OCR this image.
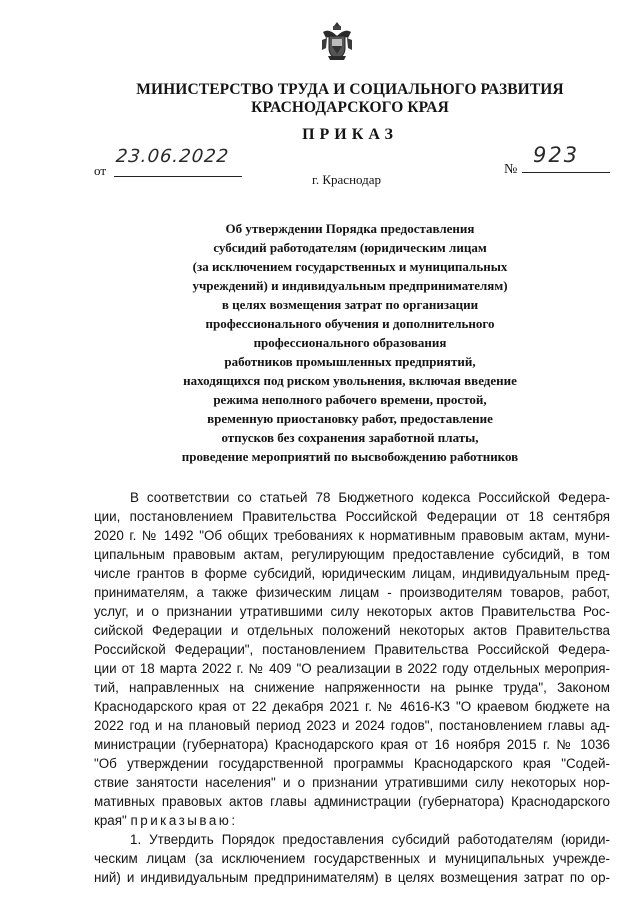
МИНИСТЕРСТВО ТРУДА И СОЦИАЛЬНОГО РАЗВИТИЯ
КРАСНОДАРСКОГО КРАЯ
ПРИКАЗ
от
23.06.2022
№
923
г. Краснодар
Об утверждении Порядка предоставления
субсидий работодателям (юридическим лицам
(за исключением государственных и муниципальных
учреждений) и индивидуальным предпринимателям)
в целях возмещения затрат по организации
профессионального обучения и дополнительного
профессионального образования
работников промышленных предприятий,
находящихся под риском увольнения, включая введение
режима неполного рабочего времени, простой,
временную приостановку работ, предоставление
отпусков без сохранения заработной платы,
проведение мероприятий по высвобождению работников
В соответствии со статьей 78 Бюджетного кодекса Российской Федера-
ции, постановлением Правительства Российской Федерации от 18 сентября
2020 г. № 1492 "Об общих требованиях к нормативным правовым актам, муни-
ципальным правовым актам, регулирующим предоставление субсидий, в том
числе грантов в форме субсидий, юридическим лицам, индивидуальным пред-
принимателям, а также физическим лицам - производителям товаров, работ,
услуг, и о признании утратившими силу некоторых актов Правительства Рос-
сийской Федерации и отдельных положений некоторых актов Правительства
Российской Федерации", постановлением Правительства Российской Федера-
ции от 18 марта 2022 г. № 409 "О реализации в 2022 году отдельных мероприя-
тий, направленных на снижение напряженности на рынке труда", Законом
Краснодарского края от 22 декабря 2021 г. № 4616-КЗ "О краевом бюджете на
2022 год и на плановый период 2023 и 2024 годов", постановлением главы ад-
министрации (губернатора) Краснодарского края от 16 ноября 2015 г. № 1036
"Об утверждении государственной программы Краснодарского края "Содей-
ствие занятости населения" и о признании утратившими силу некоторых нор-
мативных правовых актов главы администрации (губернатора) Краснодарского
края" приказываю:
1. Утвердить Порядок предоставления субсидий работодателям (юриди-
ческим лицам (за исключением государственных и муниципальных учрежде-
ний) и индивидуальным предпринимателям) в целях возмещения затрат по ор-
